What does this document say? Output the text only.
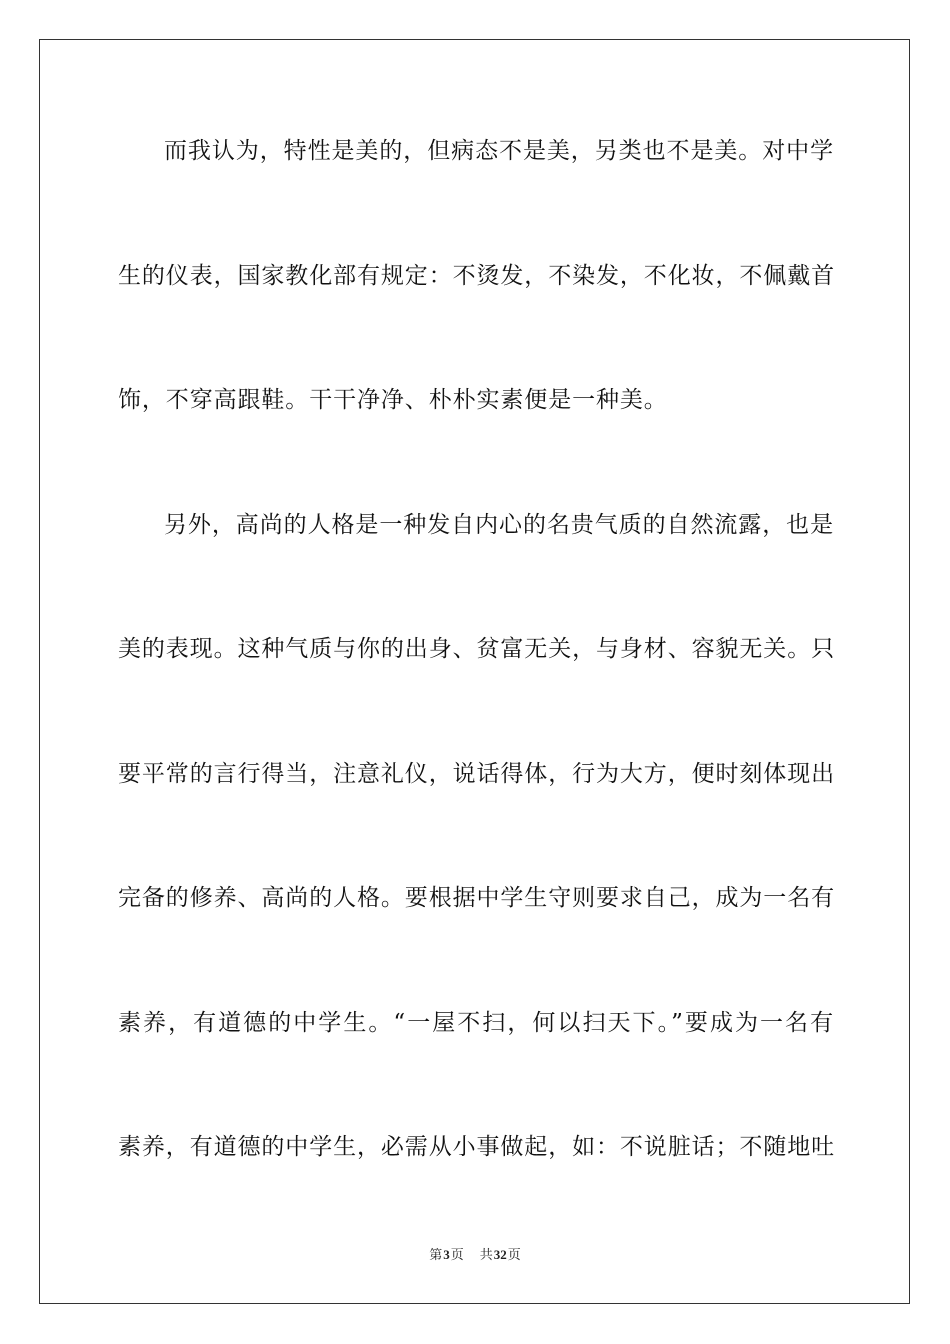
而我认为，特性是美的，但病态不是美，另类也不是美。对中学
生的仪表，国家教化部有规定：不烫发，不染发，不化妆，不佩戴首
饰，不穿高跟鞋。干干净净、朴朴实素便是一种美。
另外，高尚的人格是一种发自内心的名贵气质的自然流露，也是
美的表现。这种气质与你的出身、贫富无关，与身材、容貌无关。只
要平常的言行得当，注意礼仪，说话得体，行为大方，便时刻体现出
完备的修养、高尚的人格。要根据中学生守则要求自己，成为一名有
素养，有道德的中学生。“一屋不扫，何以扫天下。”要成为一名有
素养，有道德的中学生，必需从小事做起，如：不说脏话；不随地吐
第3页 共32页
